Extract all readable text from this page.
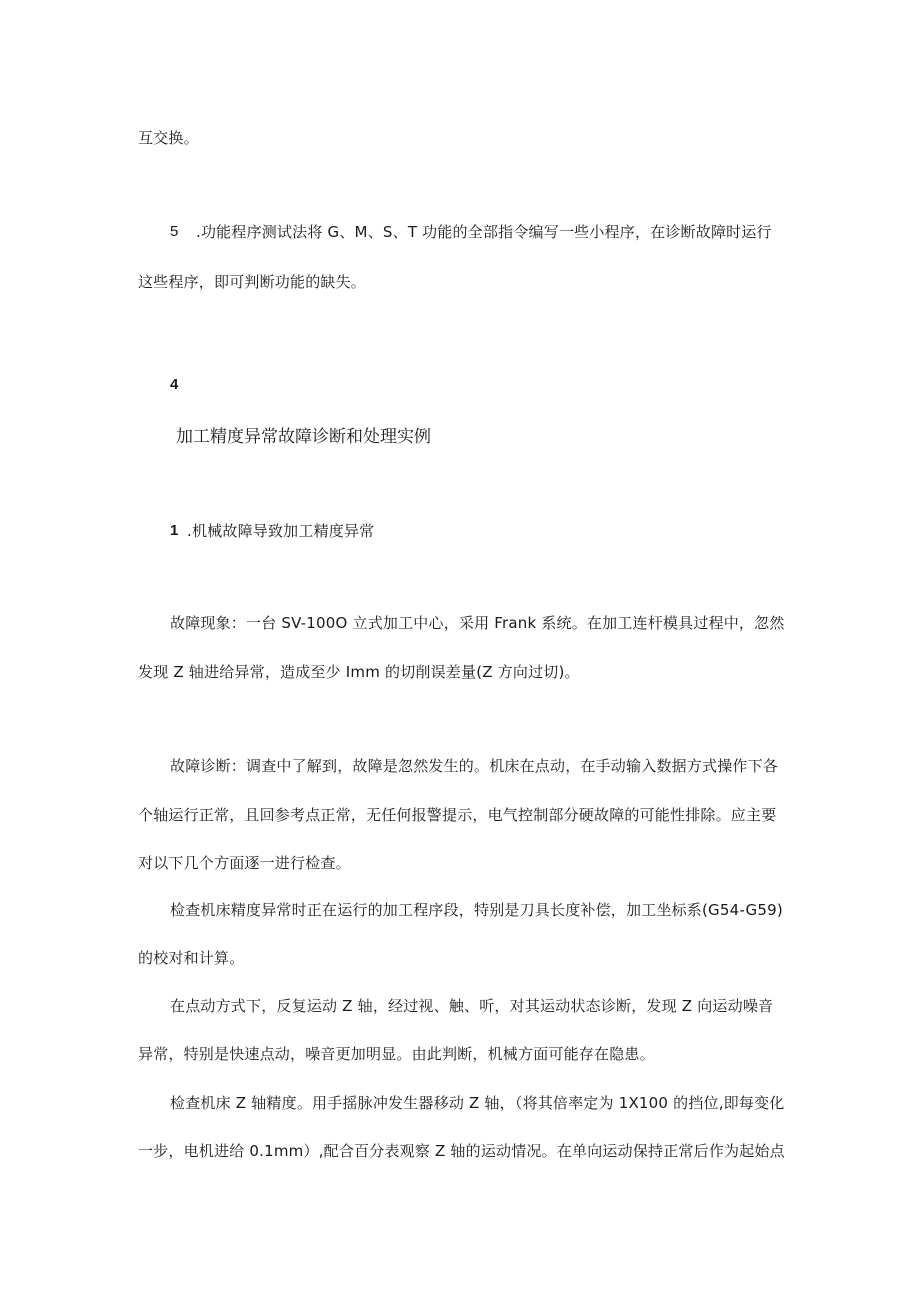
互交换。
5 .功能程序测试法将 G、M、S、T 功能的全部指令编写一些小程序，在诊断故障时运行
这些程序，即可判断功能的缺失。
4
加工精度异常故障诊断和处理实例
1 .机械故障导致加工精度异常
故障现象：一台 SV-100O 立式加工中心，采用 Frank 系统。在加工连杆模具过程中，忽然
发现 Z 轴进给异常，造成至少 Imm 的切削误差量(Z 方向过切)。
故障诊断：调查中了解到，故障是忽然发生的。机床在点动，在手动输入数据方式操作下各
个轴运行正常，且回参考点正常，无任何报警提示，电气控制部分硬故障的可能性排除。应主要
对以下几个方面逐一进行检查。
检查机床精度异常时正在运行的加工程序段，特别是刀具长度补偿，加工坐标系(G54-G59)
的校对和计算。
在点动方式下，反复运动 Z 轴，经过视、触、听，对其运动状态诊断，发现 Z 向运动噪音
异常，特别是快速点动，噪音更加明显。由此判断，机械方面可能存在隐患。
检查机床 Z 轴精度。用手摇脉冲发生器移动 Z 轴，（将其倍率定为 1X100 的挡位,即每变化
一步，电机进给 0.1mm）,配合百分表观察 Z 轴的运动情况。在单向运动保持正常后作为起始点
